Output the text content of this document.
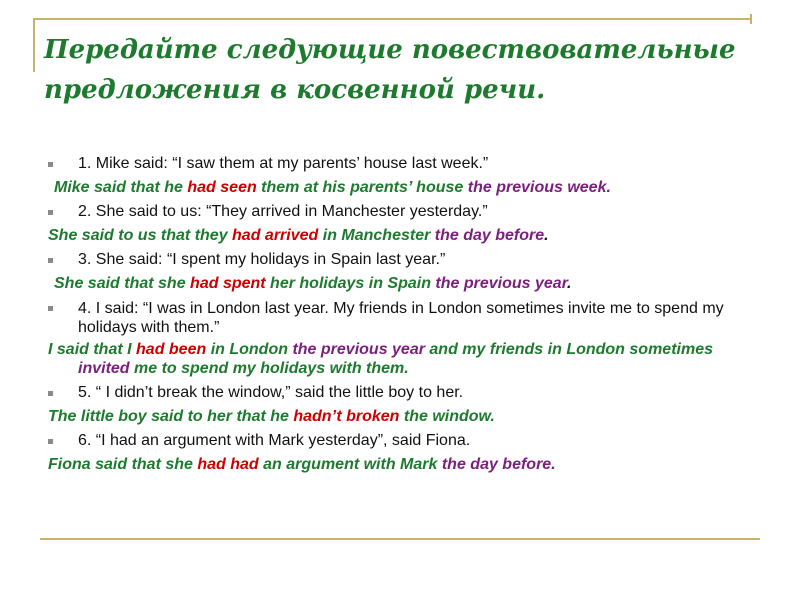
Передайте следующие повествовательные предложения в косвенной речи.
1. Mike said: “I saw them at my parents’ house last week.”
Mike said that he had seen them at his parents’ house the previous week.
2. She said to us: “They arrived in Manchester yesterday.”
She said to us that they had arrived in Manchester the day before.
3. She said: “I spent my holidays in Spain last year.”
She said that she had spent her holidays in Spain the previous year.
4. I said: “I was in London last year. My friends in London sometimes invite me to spend my holidays with them.”
I said that I had been in London the previous year and my friends in London sometimes invited me to spend my holidays with them.
5. “ I didn’t break the window,” said the little boy to her.
The little boy said to her that he hadn’t broken the window.
6. “I had an argument with Mark yesterday”, said Fiona.
Fiona said that she had had an argument with Mark the day before.
